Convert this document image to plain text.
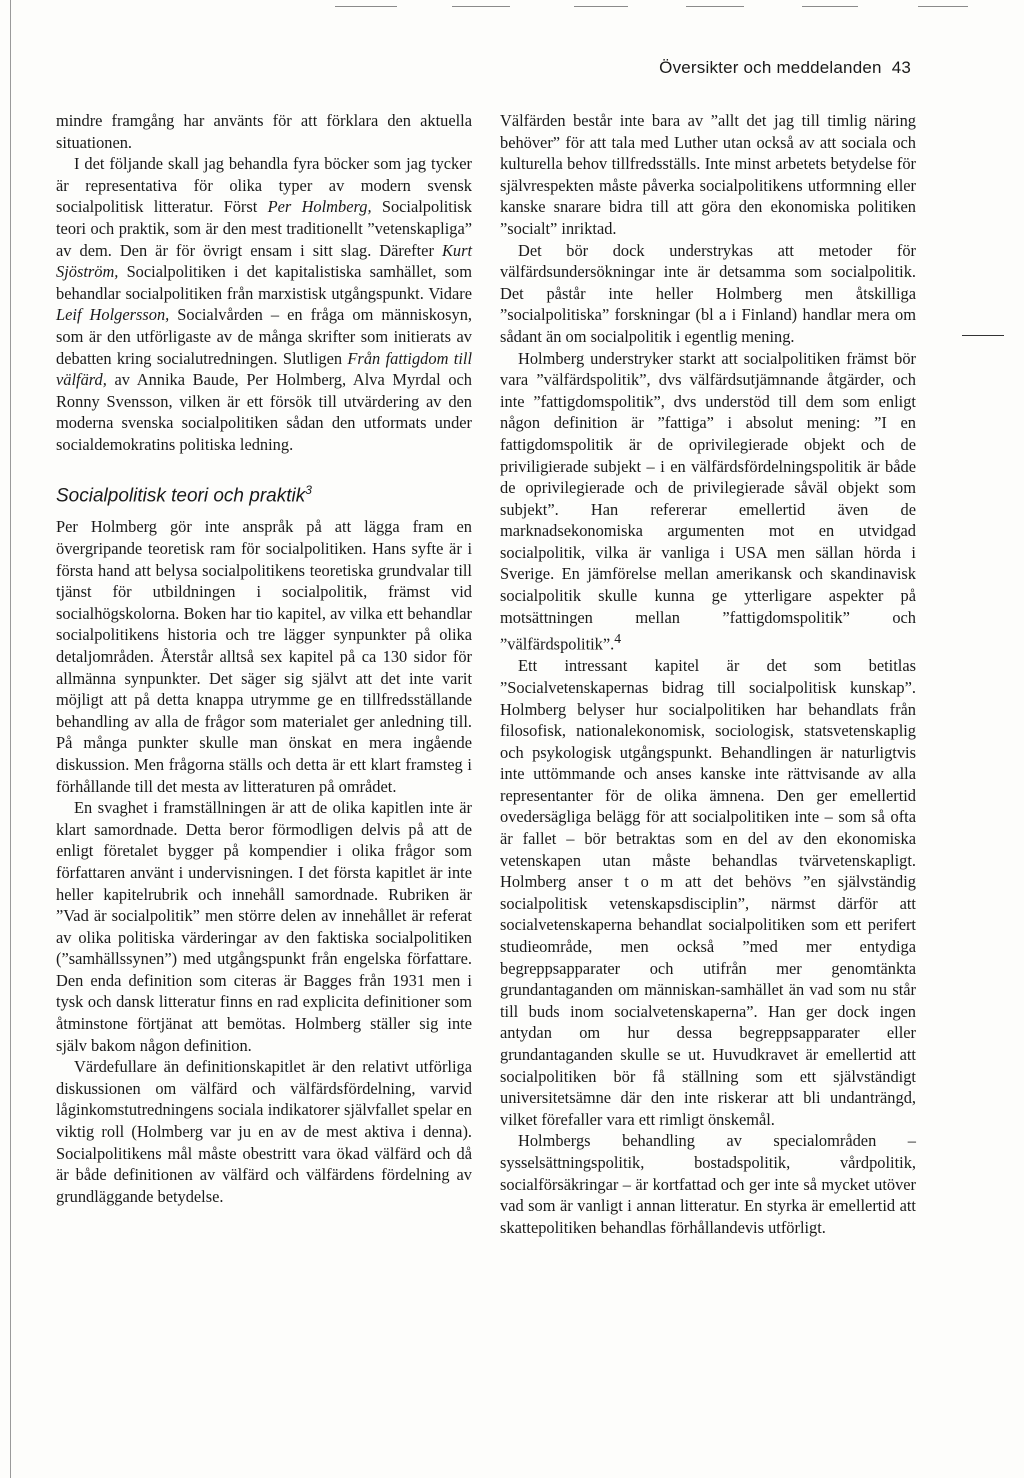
Översikter och meddelanden 43

mindre framgång har använts för att förklara den aktuella situationen.

I det följande skall jag behandla fyra böcker som jag tycker är representativa för olika typer av modern svensk socialpolitisk litteratur. Först Per Holmberg, Socialpolitisk teori och praktik, som är den mest traditionellt ”vetenskapliga” av dem. Den är för övrigt ensam i sitt slag. Därefter Kurt Sjöström, Socialpolitiken i det kapitalistiska samhället, som behandlar socialpolitiken från marxistisk utgångspunkt. Vidare Leif Holgersson, Socialvården – en fråga om människosyn, som är den utförligaste av de många skrifter som initierats av debatten kring socialutredningen. Slutligen Från fattigdom till välfärd, av Annika Baude, Per Holmberg, Alva Myrdal och Ronny Svensson, vilken är ett försök till utvärdering av den moderna svenska socialpolitiken sådan den utformats under socialdemokratins politiska ledning.

Socialpolitisk teori och praktik$^3$

Per Holmberg gör inte anspråk på att lägga fram en övergripande teoretisk ram för socialpolitiken. Hans syfte är i första hand att belysa socialpolitikens teoretiska grundvalar till tjänst för utbildningen i socialpolitik, främst vid socialhögskolorna. Boken har tio kapitel, av vilka ett behandlar socialpolitikens historia och tre lägger synpunkter på olika detaljområden. Återstår alltså sex kapitel på ca 130 sidor för allmänna synpunkter. Det säger sig självt att det inte varit möjligt att på detta knappa utrymme ge en tillfredsställande behandling av alla de frågor som materialet ger anledning till. På många punkter skulle man önskat en mera ingående diskussion. Men frågorna ställs och detta är ett klart framsteg i förhållande till det mesta av litteraturen på området.

En svaghet i framställningen är att de olika kapitlen inte är klart samordnade. Detta beror förmodligen delvis på att de enligt företalet bygger på kompendier i olika frågor som författaren använt i undervisningen. I det första kapitlet är inte heller kapitelrubrik och innehåll samordnade. Rubriken är ”Vad är socialpolitik” men större delen av innehållet är referat av olika politiska värderingar av den faktiska socialpolitiken (”samhällssynen”) med utgångspunkt från engelska författare. Den enda definition som citeras är Bagges från 1931 men i tysk och dansk litteratur finns en rad explicita definitioner som åtminstone förtjänat att bemötas. Holmberg ställer sig inte själv bakom någon definition.

Värdefullare än definitionskapitlet är den relativt utförliga diskussionen om välfärd och välfärdsfördelning, varvid låginkomstutredningens sociala indikatorer självfallet spelar en viktig roll (Holmberg var ju en av de mest aktiva i denna). Socialpolitikens mål måste obestritt vara ökad välfärd och då är både definitionen av välfärd och välfärdens fördelning av grundläggande betydelse.

Välfärden består inte bara av ”allt det jag till timlig näring behöver” för att tala med Luther utan också av att sociala och kulturella behov tillfredsställs. Inte minst arbetets betydelse för självrespekten måste påverka socialpolitikens utformning eller kanske snarare bidra till att göra den ekonomiska politiken ”socialt” inriktad.

Det bör dock understrykas att metoder för välfärdsundersökningar inte är detsamma som socialpolitik. Det påstår inte heller Holmberg men åtskilliga ”socialpolitiska” forskningar (bl a i Finland) handlar mera om sådant än om socialpolitik i egentlig mening.

Holmberg understryker starkt att socialpolitiken främst bör vara ”välfärdspolitik”, dvs välfärdsutjämnande åtgärder, och inte ”fattigdomspolitik”, dvs understöd till dem som enligt någon definition är ”fattiga” i absolut mening: ”I en fattigdomspolitik är de oprivilegierade objekt och de priviligierade subjekt – i en välfärdsfördelningspolitik är både de oprivilegierade och de privilegierade såväl objekt som subjekt”. Han refererar emellertid även de marknadsekonomiska argumenten mot en utvidgad socialpolitik, vilka är vanliga i USA men sällan hörda i Sverige. En jämförelse mellan amerikansk och skandinavisk socialpolitik skulle kunna ge ytterligare aspekter på motsättningen mellan ”fattigdomspolitik” och ”välfärdspolitik”.$^4$

Ett intressant kapitel är det som betitlas ”Socialvetenskapernas bidrag till socialpolitisk kunskap”. Holmberg belyser hur socialpolitiken har behandlats från filosofisk, nationalekonomisk, sociologisk, statsvetenskaplig och psykologisk utgångspunkt. Behandlingen är naturligtvis inte uttömmande och anses kanske inte rättvisande av alla representanter för de olika ämnena. Den ger emellertid ovedersägliga belägg för att socialpolitiken inte – som så ofta är fallet – bör betraktas som en del av den ekonomiska vetenskapen utan måste behandlas tvärvetenskapligt. Holmberg anser t o m att det behövs ”en självständig socialpolitisk vetenskapsdisciplin”, närmst därför att socialvetenskaperna behandlat socialpolitiken som ett perifert studieområde, men också ”med mer entydiga begreppsapparater och utifrån mer genomtänkta grundantaganden om människan-samhället än vad som nu står till buds inom socialvetenskaperna”. Han ger dock ingen antydan om hur dessa begreppsapparater eller grundantaganden skulle se ut. Huvudkravet är emellertid att socialpolitiken bör få ställning som ett självständigt universitetsämne där den inte riskerar att bli undanträngd, vilket förefaller vara ett rimligt önskemål.

Holmbergs behandling av specialområden – sysselsättningspolitik, bostadspolitik, vårdpolitik, socialförsäkringar – är kortfattad och ger inte så mycket utöver vad som är vanligt i annan litteratur. En styrka är emellertid att skattepolitiken behandlas förhållandevis utförligt.
